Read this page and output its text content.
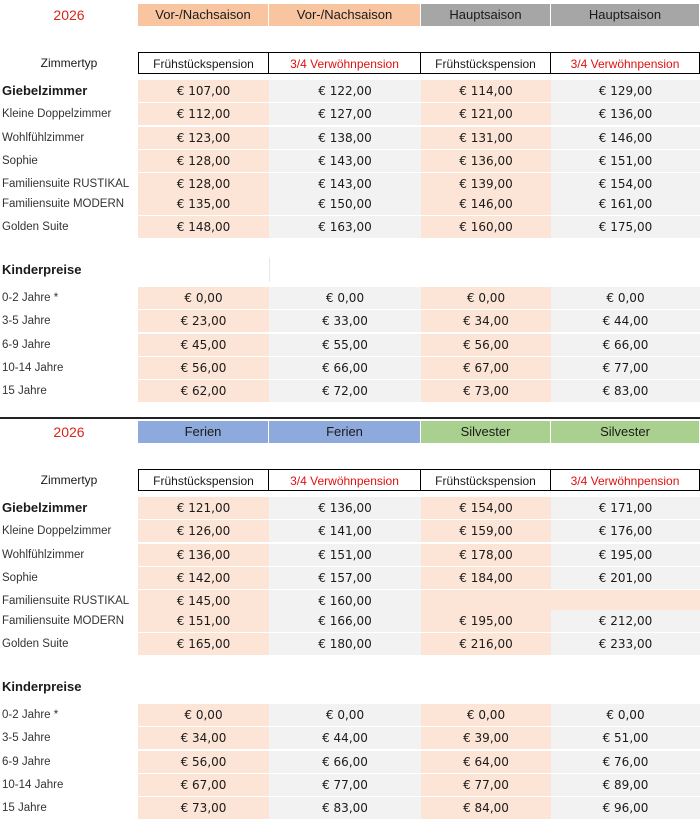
2026	Vor-/Nachsaison	Vor-/Nachsaison	Hauptsaison	Hauptsaison
Zimmertyp	Frühstückspension	3/4 Verwöhnpension	Frühstückspension	3/4 Verwöhnpension
Giebelzimmer	€ 107,00	€ 122,00	€ 114,00	€ 129,00
Kleine Doppelzimmer	€ 112,00	€ 127,00	€ 121,00	€ 136,00
Wohlfühlzimmer	€ 123,00	€ 138,00	€ 131,00	€ 146,00
Sophie	€ 128,00	€ 143,00	€ 136,00	€ 151,00
Familiensuite RUSTIKAL	€ 128,00	€ 143,00	€ 139,00	€ 154,00
Familiensuite MODERN	€ 135,00	€ 150,00	€ 146,00	€ 161,00
Golden Suite	€ 148,00	€ 163,00	€ 160,00	€ 175,00
Kinderpreise
0-2 Jahre *	€ 0,00	€ 0,00	€ 0,00	€ 0,00
3-5 Jahre	€ 23,00	€ 33,00	€ 34,00	€ 44,00
6-9 Jahre	€ 45,00	€ 55,00	€ 56,00	€ 66,00
10-14 Jahre	€ 56,00	€ 66,00	€ 67,00	€ 77,00
15 Jahre	€ 62,00	€ 72,00	€ 73,00	€ 83,00
2026	Ferien	Ferien	Silvester	Silvester
Zimmertyp	Frühstückspension	3/4 Verwöhnpension	Frühstückspension	3/4 Verwöhnpension
Giebelzimmer	€ 121,00	€ 136,00	€ 154,00	€ 171,00
Kleine Doppelzimmer	€ 126,00	€ 141,00	€ 159,00	€ 176,00
Wohlfühlzimmer	€ 136,00	€ 151,00	€ 178,00	€ 195,00
Sophie	€ 142,00	€ 157,00	€ 184,00	€ 201,00
Familiensuite RUSTIKAL	€ 145,00	€ 160,00
Familiensuite MODERN	€ 151,00	€ 166,00	€ 195,00	€ 212,00
Golden Suite	€ 165,00	€ 180,00	€ 216,00	€ 233,00
Kinderpreise
0-2 Jahre *	€ 0,00	€ 0,00	€ 0,00	€ 0,00
3-5 Jahre	€ 34,00	€ 44,00	€ 39,00	€ 51,00
6-9 Jahre	€ 56,00	€ 66,00	€ 64,00	€ 76,00
10-14 Jahre	€ 67,00	€ 77,00	€ 77,00	€ 89,00
15 Jahre	€ 73,00	€ 83,00	€ 84,00	€ 96,00
